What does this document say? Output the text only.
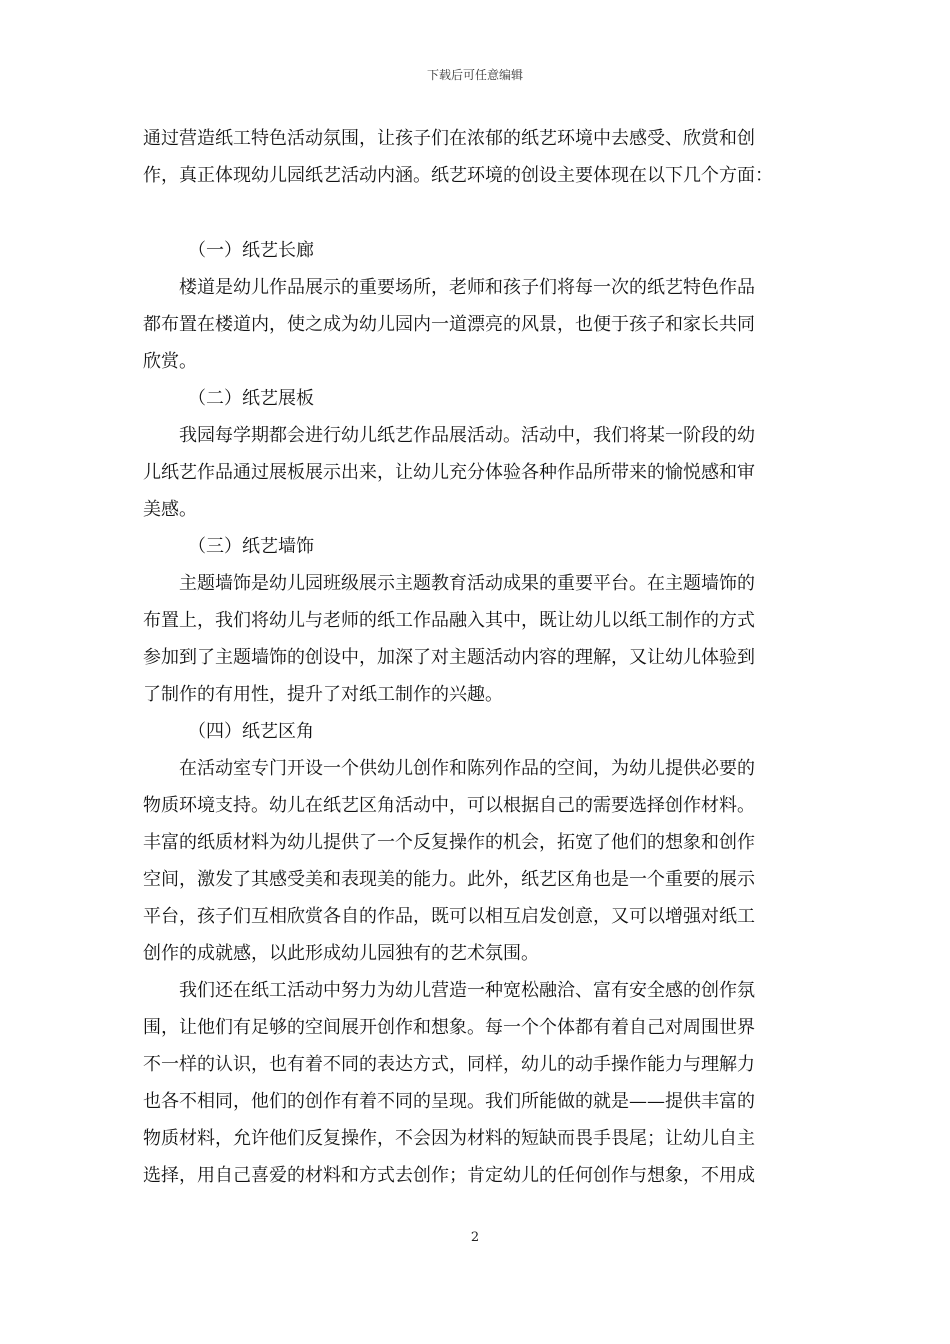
下载后可任意编辑
通过营造纸工特色活动氛围，让孩子们在浓郁的纸艺环境中去感受、欣赏和创
作，真正体现幼儿园纸艺活动内涵。纸艺环境的创设主要体现在以下几个方面：
（一）纸艺长廊
楼道是幼儿作品展示的重要场所，老师和孩子们将每一次的纸艺特色作品
都布置在楼道内，使之成为幼儿园内一道漂亮的风景，也便于孩子和家长共同
欣赏。
（二）纸艺展板
我园每学期都会进行幼儿纸艺作品展活动。活动中，我们将某一阶段的幼
儿纸艺作品通过展板展示出来，让幼儿充分体验各种作品所带来的愉悦感和审
美感。
（三）纸艺墙饰
主题墙饰是幼儿园班级展示主题教育活动成果的重要平台。在主题墙饰的
布置上，我们将幼儿与老师的纸工作品融入其中，既让幼儿以纸工制作的方式
参加到了主题墙饰的创设中，加深了对主题活动内容的理解，又让幼儿体验到
了制作的有用性，提升了对纸工制作的兴趣。
（四）纸艺区角
在活动室专门开设一个供幼儿创作和陈列作品的空间，为幼儿提供必要的
物质环境支持。幼儿在纸艺区角活动中，可以根据自己的需要选择创作材料。
丰富的纸质材料为幼儿提供了一个反复操作的机会，拓宽了他们的想象和创作
空间，激发了其感受美和表现美的能力。此外，纸艺区角也是一个重要的展示
平台，孩子们互相欣赏各自的作品，既可以相互启发创意，又可以增强对纸工
创作的成就感，以此形成幼儿园独有的艺术氛围。
我们还在纸工活动中努力为幼儿营造一种宽松融洽、富有安全感的创作氛
围，让他们有足够的空间展开创作和想象。每一个个体都有着自己对周围世界
不一样的认识，也有着不同的表达方式，同样，幼儿的动手操作能力与理解力
也各不相同，他们的创作有着不同的呈现。我们所能做的就是——提供丰富的
物质材料，允许他们反复操作，不会因为材料的短缺而畏手畏尾；让幼儿自主
选择，用自己喜爱的材料和方式去创作；肯定幼儿的任何创作与想象，不用成
2
